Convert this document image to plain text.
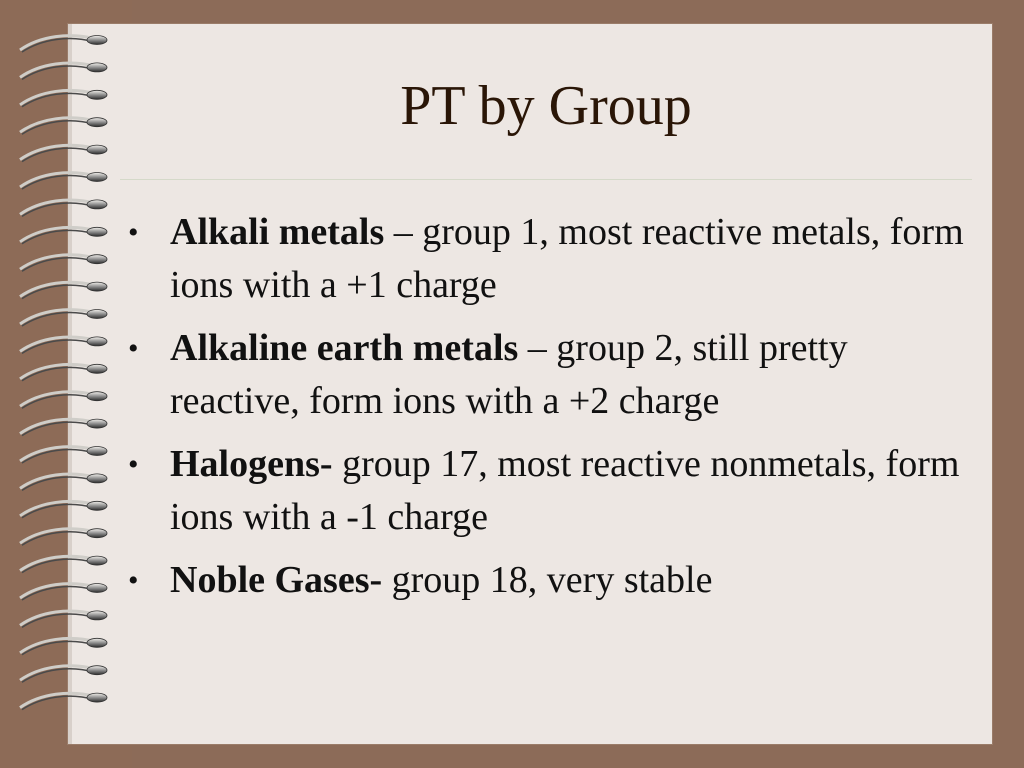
PT by Group
• Alkali metals – group 1, most reactive metals, form ions with a +1 charge
• Alkaline earth metals – group 2, still pretty reactive, form ions with a +2 charge
• Halogens- group 17, most reactive nonmetals, form ions with a -1 charge
• Noble Gases- group 18, very stable
